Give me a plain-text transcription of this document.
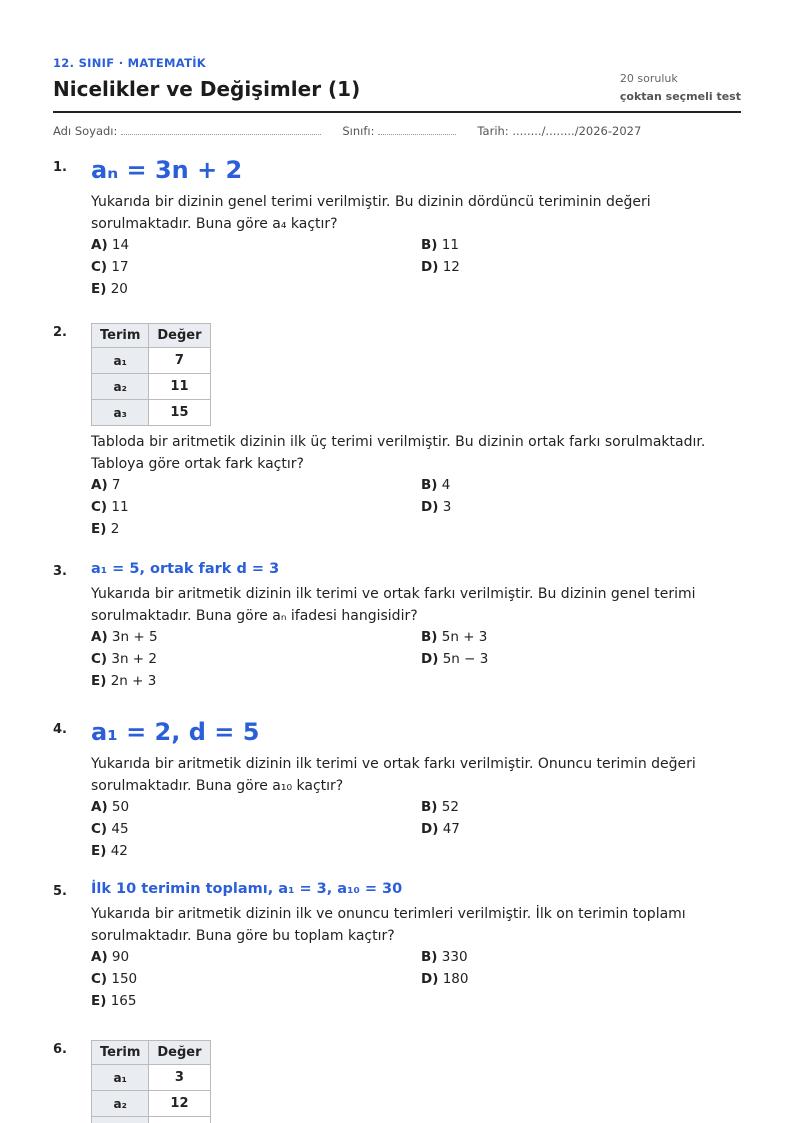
12. SINIF · MATEMATİK
Nicelikler ve Değişimler (1)	20 soruluk
çoktan seçmeli test
Adı Soyadı:	Sınıfı:	Tarih: ......../......../2026-2027
1. aₙ = 3n + 2
Yukarıda bir dizinin genel terimi verilmiştir. Bu dizinin dördüncü teriminin değeri sorulmaktadır. Buna göre a₄ kaçtır?
A) 14	B) 11
C) 17	D) 12
E) 20
2.	Terim	Değer
a₁	7
a₂	11
a₃	15
Tabloda bir aritmetik dizinin ilk üç terimi verilmiştir. Bu dizinin ortak farkı sorulmaktadır. Tabloya göre ortak fark kaçtır?
A) 7	B) 4
C) 11	D) 3
E) 2
3. a₁ = 5, ortak fark d = 3
Yukarıda bir aritmetik dizinin ilk terimi ve ortak farkı verilmiştir. Bu dizinin genel terimi sorulmaktadır. Buna göre aₙ ifadesi hangisidir?
A) 3n + 5	B) 5n + 3
C) 3n + 2	D) 5n − 3
E) 2n + 3
4. a₁ = 2, d = 5
Yukarıda bir aritmetik dizinin ilk terimi ve ortak farkı verilmiştir. Onuncu terimin değeri sorulmaktadır. Buna göre a₁₀ kaçtır?
A) 50	B) 52
C) 45	D) 47
E) 42
5. İlk 10 terimin toplamı, a₁ = 3, a₁₀ = 30
Yukarıda bir aritmetik dizinin ilk ve onuncu terimleri verilmiştir. İlk on terimin toplamı sorulmaktadır. Buna göre bu toplam kaçtır?
A) 90	B) 330
C) 150	D) 180
E) 165
6.	Terim	Değer
a₁	3
a₂	12
